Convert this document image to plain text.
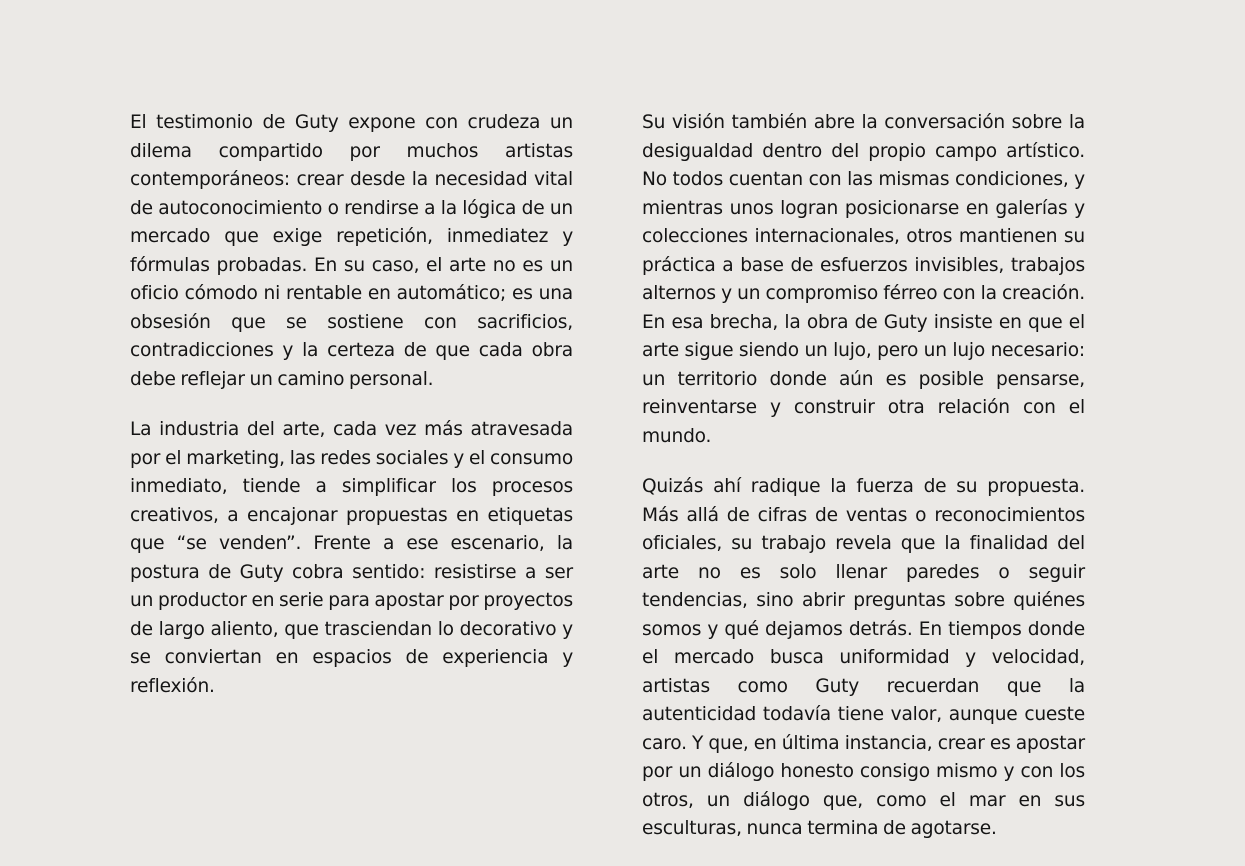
El testimonio de Guty expone con crudeza un dilema compartido por muchos artistas contemporáneos: crear desde la necesidad vital de autoconocimiento o rendirse a la lógica de un mercado que exige repetición, inmediatez y fórmulas probadas. En su caso, el arte no es un oficio cómodo ni rentable en automático; es una obsesión que se sostiene con sacrificios, contradicciones y la certeza de que cada obra debe reflejar un camino personal.

La industria del arte, cada vez más atravesada por el marketing, las redes sociales y el consumo inmediato, tiende a simplificar los procesos creativos, a encajonar propuestas en etiquetas que “se venden”. Frente a ese escenario, la postura de Guty cobra sentido: resistirse a ser un productor en serie para apostar por proyectos de largo aliento, que trasciendan lo decorativo y se conviertan en espacios de experiencia y reflexión.

Su visión también abre la conversación sobre la desigualdad dentro del propio campo artístico. No todos cuentan con las mismas condiciones, y mientras unos logran posicionarse en galerías y colecciones internacionales, otros mantienen su práctica a base de esfuerzos invisibles, trabajos alternos y un compromiso férreo con la creación. En esa brecha, la obra de Guty insiste en que el arte sigue siendo un lujo, pero un lujo necesario: un territorio donde aún es posible pensarse, reinventarse y construir otra relación con el mundo.

Quizás ahí radique la fuerza de su propuesta. Más allá de cifras de ventas o reconocimientos oficiales, su trabajo revela que la finalidad del arte no es solo llenar paredes o seguir tendencias, sino abrir preguntas sobre quiénes somos y qué dejamos detrás. En tiempos donde el mercado busca uniformidad y velocidad, artistas como Guty recuerdan que la autenticidad todavía tiene valor, aunque cueste caro. Y que, en última instancia, crear es apostar por un diálogo honesto consigo mismo y con los otros, un diálogo que, como el mar en sus esculturas, nunca termina de agotarse.
